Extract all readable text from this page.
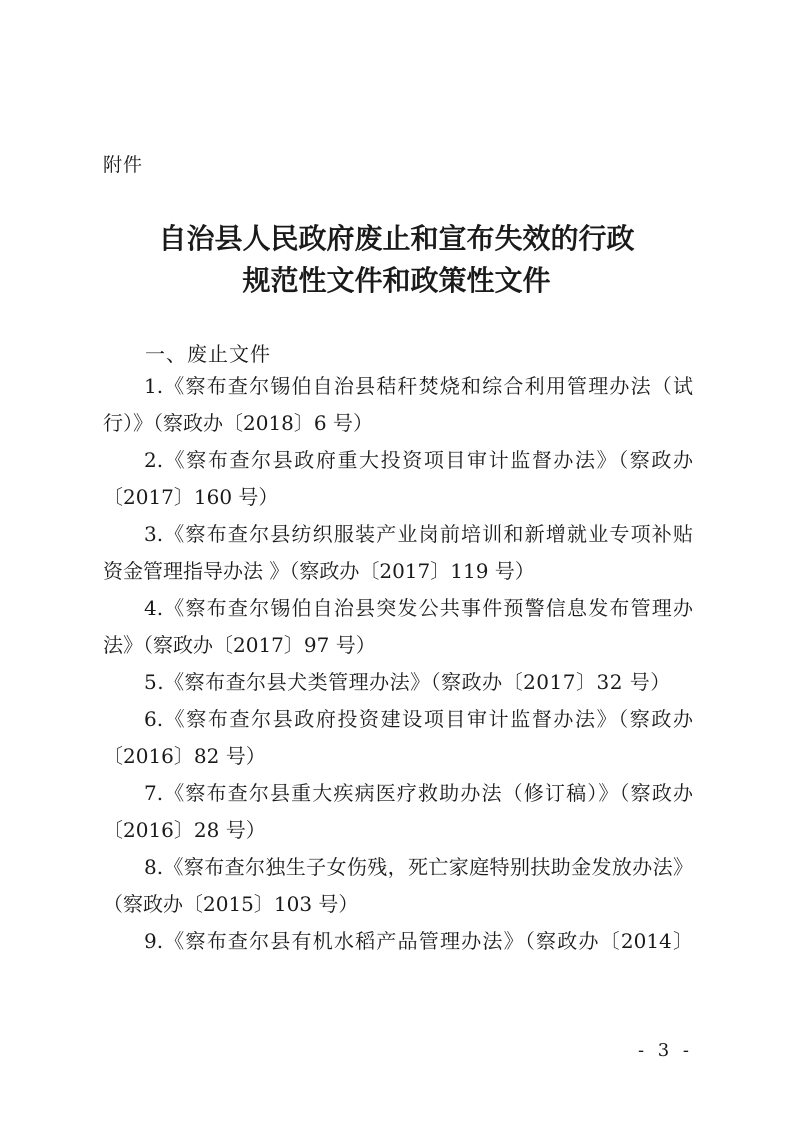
附件
自治县人民政府废止和宣布失效的行政
规范性文件和政策性文件
一、废止文件
1.《察布查尔锡伯自治县秸秆焚烧和综合利用管理办法（试
行）》（察政办〔2018〕6 号）
2.《察布查尔县政府重大投资项目审计监督办法》（察政办
〔2017〕160 号）
3.《察布查尔县纺织服装产业岗前培训和新增就业专项补贴
资金管理指导办法 》（察政办〔2017〕119 号）
4.《察布查尔锡伯自治县突发公共事件预警信息发布管理办
法》（察政办〔2017〕97 号）
5.《察布查尔县犬类管理办法》（察政办〔2017〕32 号）
6.《察布查尔县政府投资建设项目审计监督办法》（察政办
〔2016〕82 号）
7.《察布查尔县重大疾病医疗救助办法（修订稿）》（察政办
〔2016〕28 号）
8.《察布查尔独生子女伤残，死亡家庭特别扶助金发放办法》
（察政办〔2015〕103 号）
9.《察布查尔县有机水稻产品管理办法》（察政办〔2014〕
- 3 -
